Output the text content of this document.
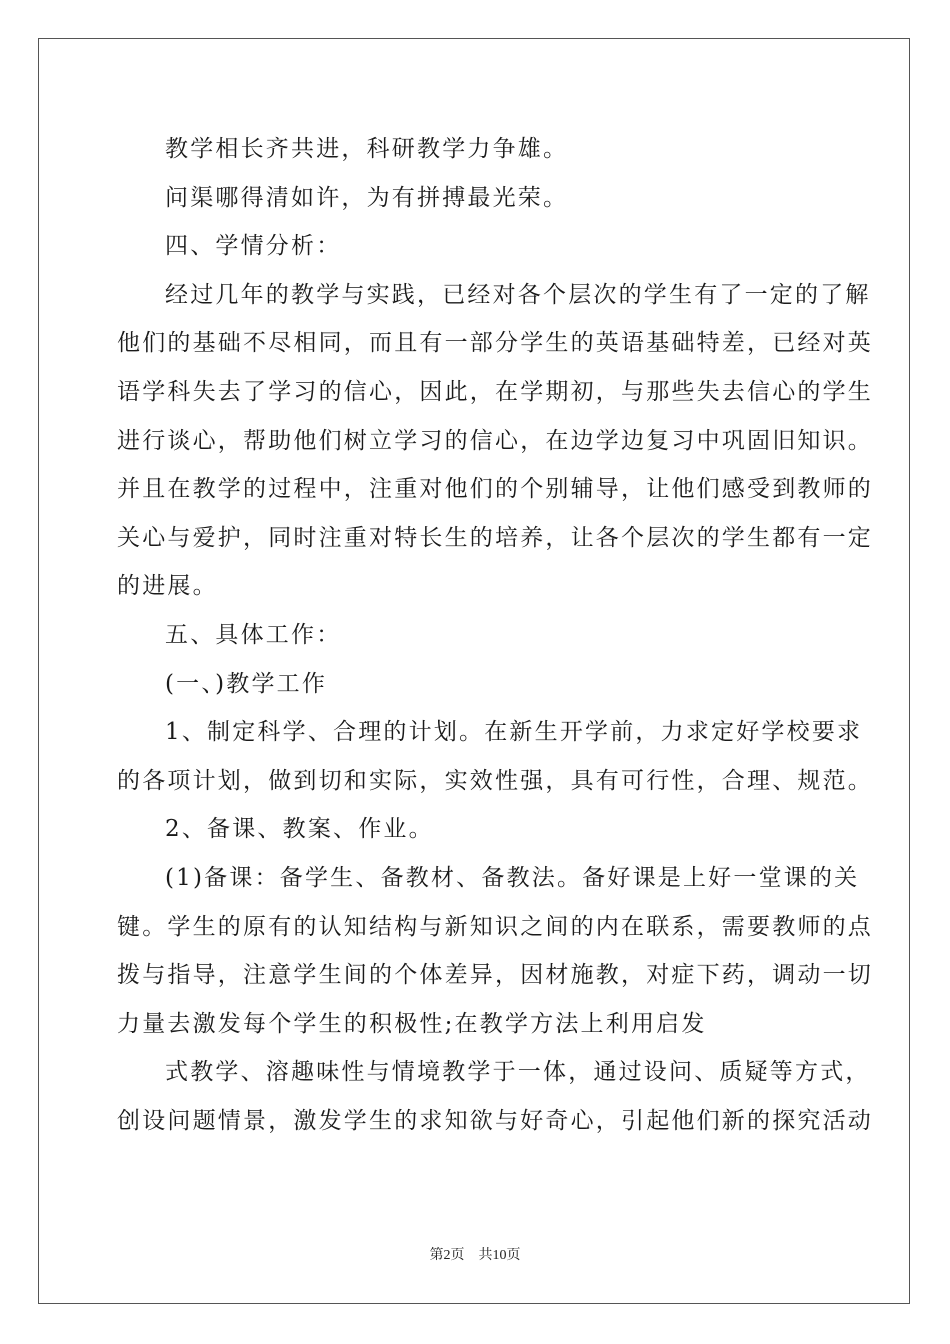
教学相长齐共进，科研教学力争雄。
问渠哪得清如许，为有拼搏最光荣。
四、学情分析：
经过几年的教学与实践，已经对各个层次的学生有了一定的了解
他们的基础不尽相同，而且有一部分学生的英语基础特差，已经对英
语学科失去了学习的信心，因此，在学期初，与那些失去信心的学生
进行谈心，帮助他们树立学习的信心，在边学边复习中巩固旧知识。
并且在教学的过程中，注重对他们的个别辅导，让他们感受到教师的
关心与爱护，同时注重对特长生的培养，让各个层次的学生都有一定
的进展。
五、具体工作：
(一、)教学工作
1、制定科学、合理的计划。在新生开学前，力求定好学校要求
的各项计划，做到切和实际，实效性强，具有可行性，合理、规范。
2、备课、教案、作业。
(1)备课：备学生、备教材、备教法。备好课是上好一堂课的关
键。学生的原有的认知结构与新知识之间的内在联系，需要教师的点
拨与指导，注意学生间的个体差异，因材施教，对症下药，调动一切
力量去激发每个学生的积极性;在教学方法上利用启发
式教学、溶趣味性与情境教学于一体，通过设问、质疑等方式，
创设问题情景，激发学生的求知欲与好奇心，引起他们新的探究活动
第2页 共10页
